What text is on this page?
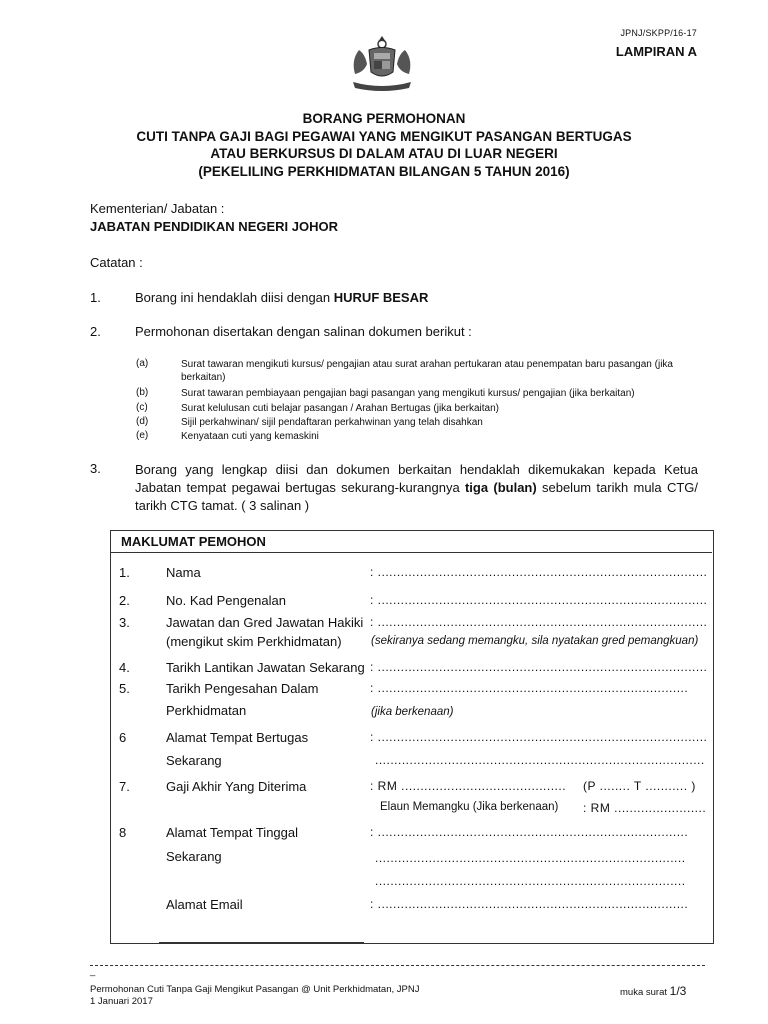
JPNJ/SKPP/16-17
LAMPIRAN A
BORANG PERMOHONAN
CUTI TANPA GAJI BAGI PEGAWAI YANG MENGIKUT PASANGAN BERTUGAS
ATAU BERKURSUS DI DALAM ATAU DI LUAR NEGERI
(PEKELILING PERKHIDMATAN BILANGAN 5 TAHUN 2016)
Kementerian/ Jabatan :
JABATAN PENDIDIKAN NEGERI JOHOR
Catatan :
1.	Borang ini hendaklah diisi dengan HURUF BESAR
2.	Permohonan disertakan dengan salinan dokumen berikut :
(a)	Surat tawaran mengikuti kursus/ pengajian atau surat arahan pertukaran atau penempatan baru pasangan (jika berkaitan)
(b)	Surat tawaran pembiayaan pengajian bagi pasangan yang mengikuti kursus/ pengajian (jika berkaitan)
(c)	Surat kelulusan cuti belajar pasangan / Arahan Bertugas (jika berkaitan)
(d)	Sijil perkahwinan/ sijil pendaftaran perkahwinan yang telah disahkan
(e)	Kenyataan cuti yang kemaskini
3.	Borang yang lengkap diisi dan dokumen berkaitan hendaklah dikemukakan kepada Ketua Jabatan tempat pegawai bertugas sekurang-kurangnya tiga (bulan) sebelum tarikh mula CTG/ tarikh CTG tamat. ( 3 salinan )
MAKLUMAT PEMOHON
1.	Nama	: ......................................................................................
2.	No. Kad Pengenalan	: ......................................................................................
3.	Jawatan dan Gred Jawatan Hakiki
(mengikut skim Perkhidmatan)
: ......................................................................................
(sekiranya sedang memangku, sila nyatakan gred pemangkuan)
4.	Tarikh Lantikan Jawatan Sekarang : ......................................................................................
5.	Tarikh Pengesahan Dalam
Perkhidmatan
: .................................................................................
(jika berkenaan)
6	Alamat Tempat Bertugas
Sekarang
: ......................................................................................
......................................................................................
7.	Gaji Akhir Yang Diterima	: RM ........................................... (P ........ T ........... )
Elaun Memangku (Jika berkenaan) : RM ........................
8	Alamat Tempat Tinggal
Sekarang
: .................................................................................
.................................................................................
.................................................................................
Alamat Email	: .................................................................................
_
Permohonan Cuti Tanpa Gaji Mengikut Pasangan @ Unit Perkhidmatan, JPNJ
1 Januari 2017
muka surat 1/3
